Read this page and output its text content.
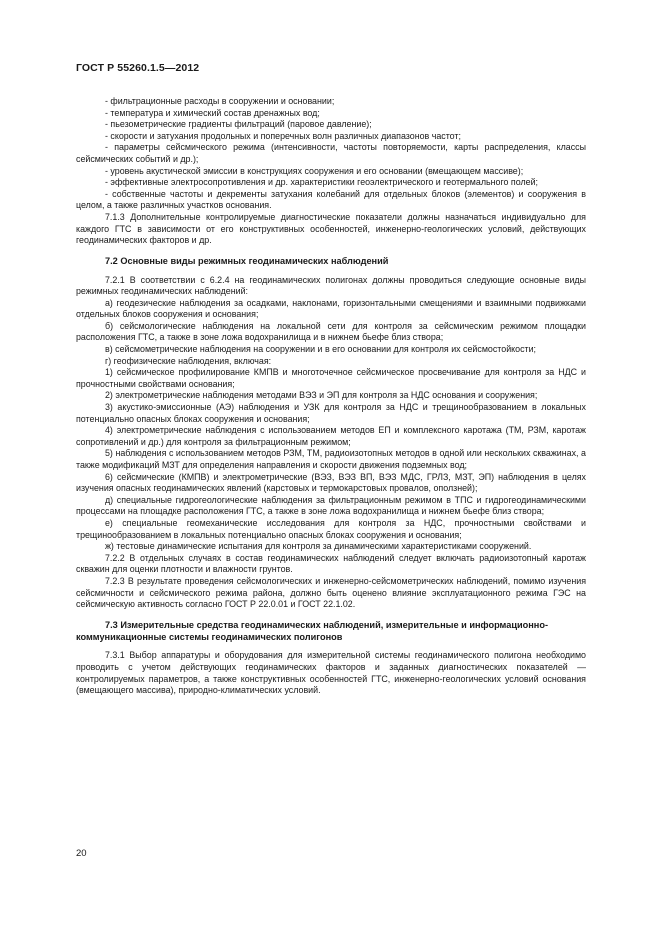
ГОСТ Р 55260.1.5—2012

- фильтрационные расходы в сооружении и основании;

- температура и химический состав дренажных вод;

- пьезометрические градиенты фильтраций (паровое давление);

- скорости и затухания продольных и поперечных волн различных диапазонов частот;

- параметры сейсмического режима (интенсивности, частоты повторяемости, карты распределения, классы сейсмических событий и др.);

- уровень акустической эмиссии в конструкциях сооружения и его основании (вмещающем массиве);

- эффективные электросопротивления и др. характеристики геоэлектрического и геотермального полей;

- собственные частоты и декременты затухания колебаний для отдельных блоков (элементов) и сооружения в целом, а также различных участков основания.

7.1.3 Дополнительные контролируемые диагностические показатели должны назначаться индивидуально для каждого ГТС в зависимости от его конструктивных особенностей, инженерно-геологических условий, действующих геодинамических факторов и др.

7.2 Основные виды режимных геодинамических наблюдений

7.2.1 В соответствии с 6.2.4 на геодинамических полигонах должны проводиться следующие основные виды режимных геодинамических наблюдений:

а) геодезические наблюдения за осадками, наклонами, горизонтальными смещениями и взаимными подвижками отдельных блоков сооружения и основания;

б) сейсмологические наблюдения на локальной сети для контроля за сейсмическим режимом площадки расположения ГТС, а также в зоне ложа водохранилища и в нижнем бьефе близ створа;

в) сейсмометрические наблюдения на сооружении и в его основании для контроля их сейсмостойкости;

г) геофизические наблюдения, включая:

1) сейсмическое профилирование КМПВ и многоточечное сейсмическое просвечивание для контроля за НДС и прочностными свойствами основания;

2) электрометрические наблюдения методами ВЭЗ и ЭП для контроля за НДС основания и сооружения;

3) акустико-эмиссионные (АЭ) наблюдения и УЗК для контроля за НДС и трещинообразованием в локальных потенциально опасных блоках сооружения и основания;

4) электрометрические наблюдения с использованием методов ЕП и комплексного каротажа (ТМ, РЗМ, каротаж сопротивлений и др.) для контроля за фильтрационным режимом;

5) наблюдения с использованием методов РЗМ, ТМ, радиоизотопных методов в одной или нескольких скважинах, а также модификаций МЗТ для определения направления и скорости движения подземных вод;

6) сейсмические (КМПВ) и электрометрические (ВЭЗ, ВЭЗ ВП, ВЭЗ МДС, ГРЛЗ, МЗТ, ЭП) наблюдения в целях изучения опасных геодинамических явлений (карстовых и термокарстовых провалов, оползней);

д) специальные гидрогеологические наблюдения за фильтрационным режимом в ТПС и гидрогеодинамическими процессами на площадке расположения ГТС, а также в зоне ложа водохранилища и нижнем бьефе близ створа;

е) специальные геомеханические исследования для контроля за НДС, прочностными свойствами и трещинообразованием в локальных потенциально опасных блоках сооружения и основания;

ж) тестовые динамические испытания для контроля за динамическими характеристиками сооружений.

7.2.2 В отдельных случаях в состав геодинамических наблюдений следует включать радиоизотопный каротаж скважин для оценки плотности и влажности грунтов.

7.2.3 В результате проведения сейсмологических и инженерно-сейсмометрических наблюдений, помимо изучения сейсмичности и сейсмического режима района, должно быть оценено влияние эксплуатационного режима ГЭС на сейсмическую активность согласно ГОСТ Р 22.0.01 и ГОСТ 22.1.02.

7.3 Измерительные средства геодинамических наблюдений, измерительные и информационно-коммуникационные системы геодинамических полигонов

7.3.1 Выбор аппаратуры и оборудования для измерительной системы геодинамического полигона необходимо проводить с учетом действующих геодинамических факторов и заданных диагностических показателей — контролируемых параметров, а также конструктивных особенностей ГТС, инженерно-геологических условий основания (вмещающего массива), природно-климатических условий.

20
